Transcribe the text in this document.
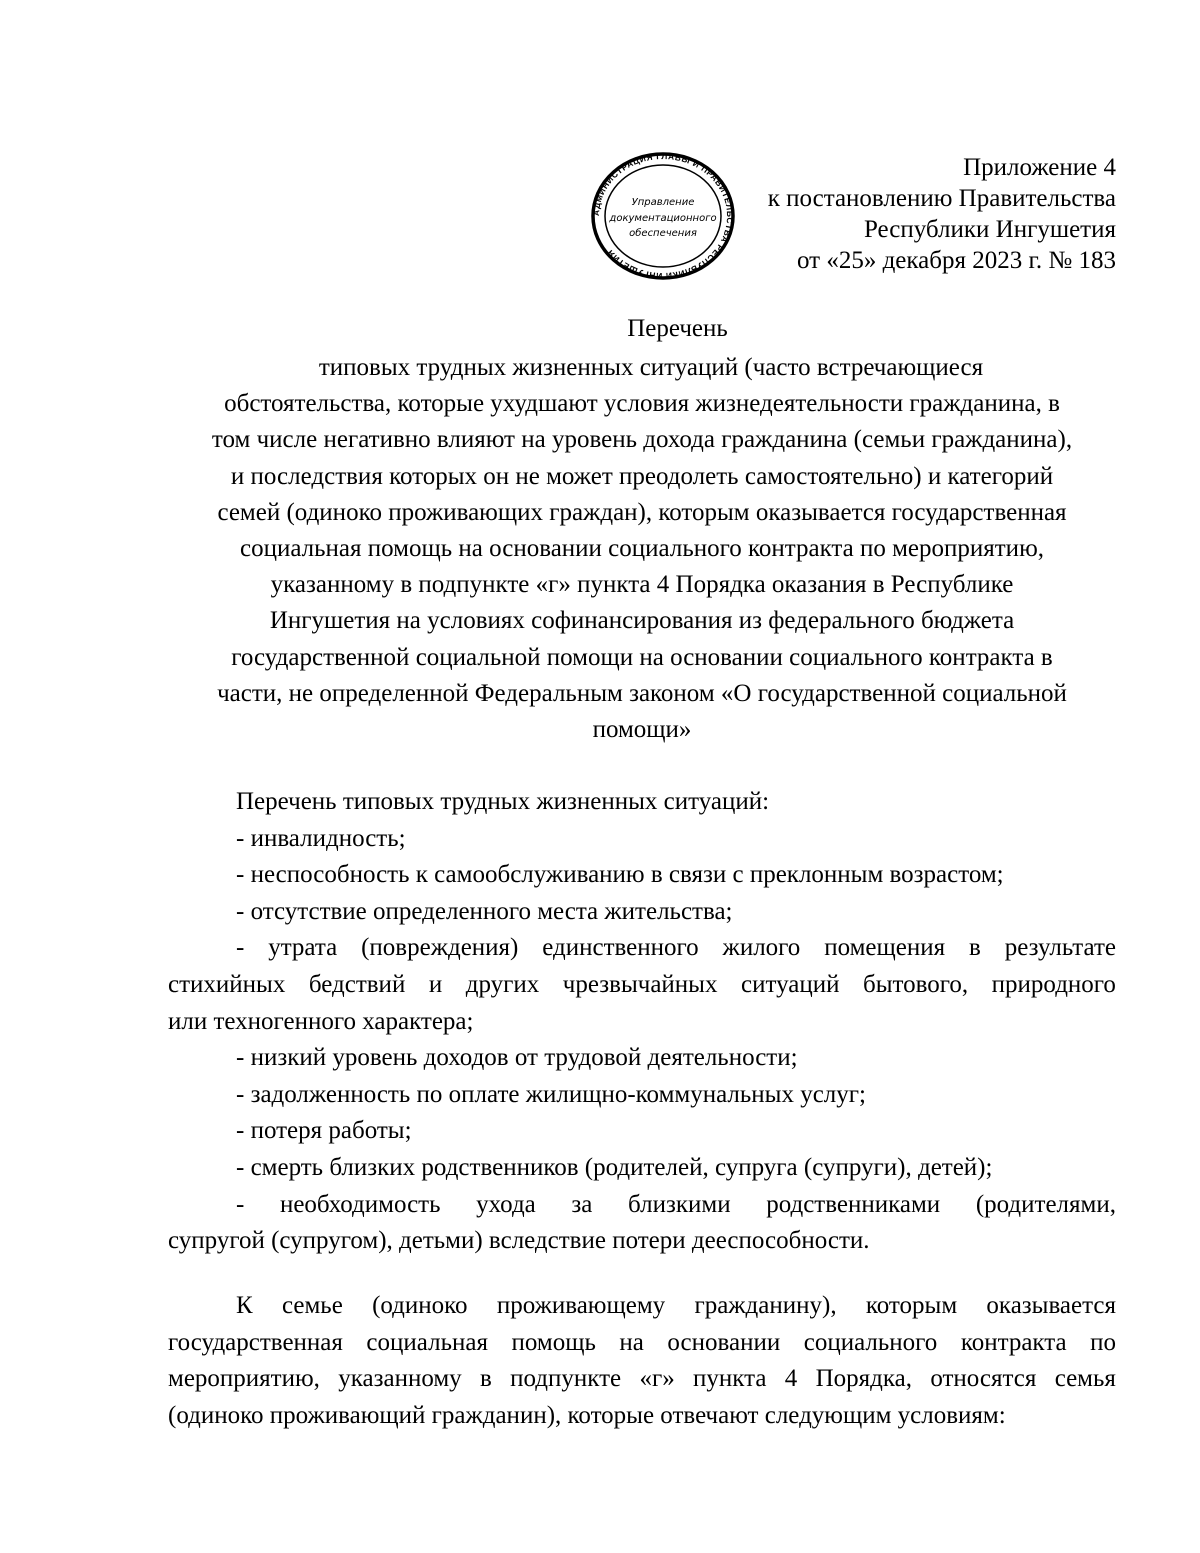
АДМИНИСТРАЦИЯ ГЛАВЫ И ПРАВИТЕЛЬСТВА РЕСПУБЛИКИ ИНГУШЕТИЯ
Управление
документационного
обеспечения
Приложение 4
к постановлению Правительства
Республики Ингушетия
от «25» декабря 2023 г. № 183
Перечень
типовых трудных жизненных ситуаций (часто встречающиеся
обстоятельства, которые ухудшают условия жизнедеятельности гражданина, в
том числе негативно влияют на уровень дохода гражданина (семьи гражданина),
и последствия которых он не может преодолеть самостоятельно) и категорий
семей (одиноко проживающих граждан), которым оказывается государственная
социальная помощь на основании социального контракта по мероприятию,
указанному в подпункте «г» пункта 4 Порядка оказания в Республике
Ингушетия на условиях софинансирования из федерального бюджета
государственной социальной помощи на основании социального контракта в
части, не определенной Федеральным законом «О государственной социальной
помощи»
Перечень типовых трудных жизненных ситуаций:
- инвалидность;
- неспособность к самообслуживанию в связи с преклонным возрастом;
- отсутствие определенного места жительства;
- утрата (повреждения) единственного жилого помещения в результате
стихийных бедствий и других чрезвычайных ситуаций бытового, природного
или техногенного характера;
- низкий уровень доходов от трудовой деятельности;
- задолженность по оплате жилищно-коммунальных услуг;
- потеря работы;
- смерть близких родственников (родителей, супруга (супруги), детей);
- необходимость ухода за близкими родственниками (родителями,
супругой (супругом), детьми) вследствие потери дееспособности.
К семье (одиноко проживающему гражданину), которым оказывается
государственная социальная помощь на основании социального контракта по
мероприятию, указанному в подпункте «г» пункта 4 Порядка, относятся семья
(одиноко проживающий гражданин), которые отвечают следующим условиям:
